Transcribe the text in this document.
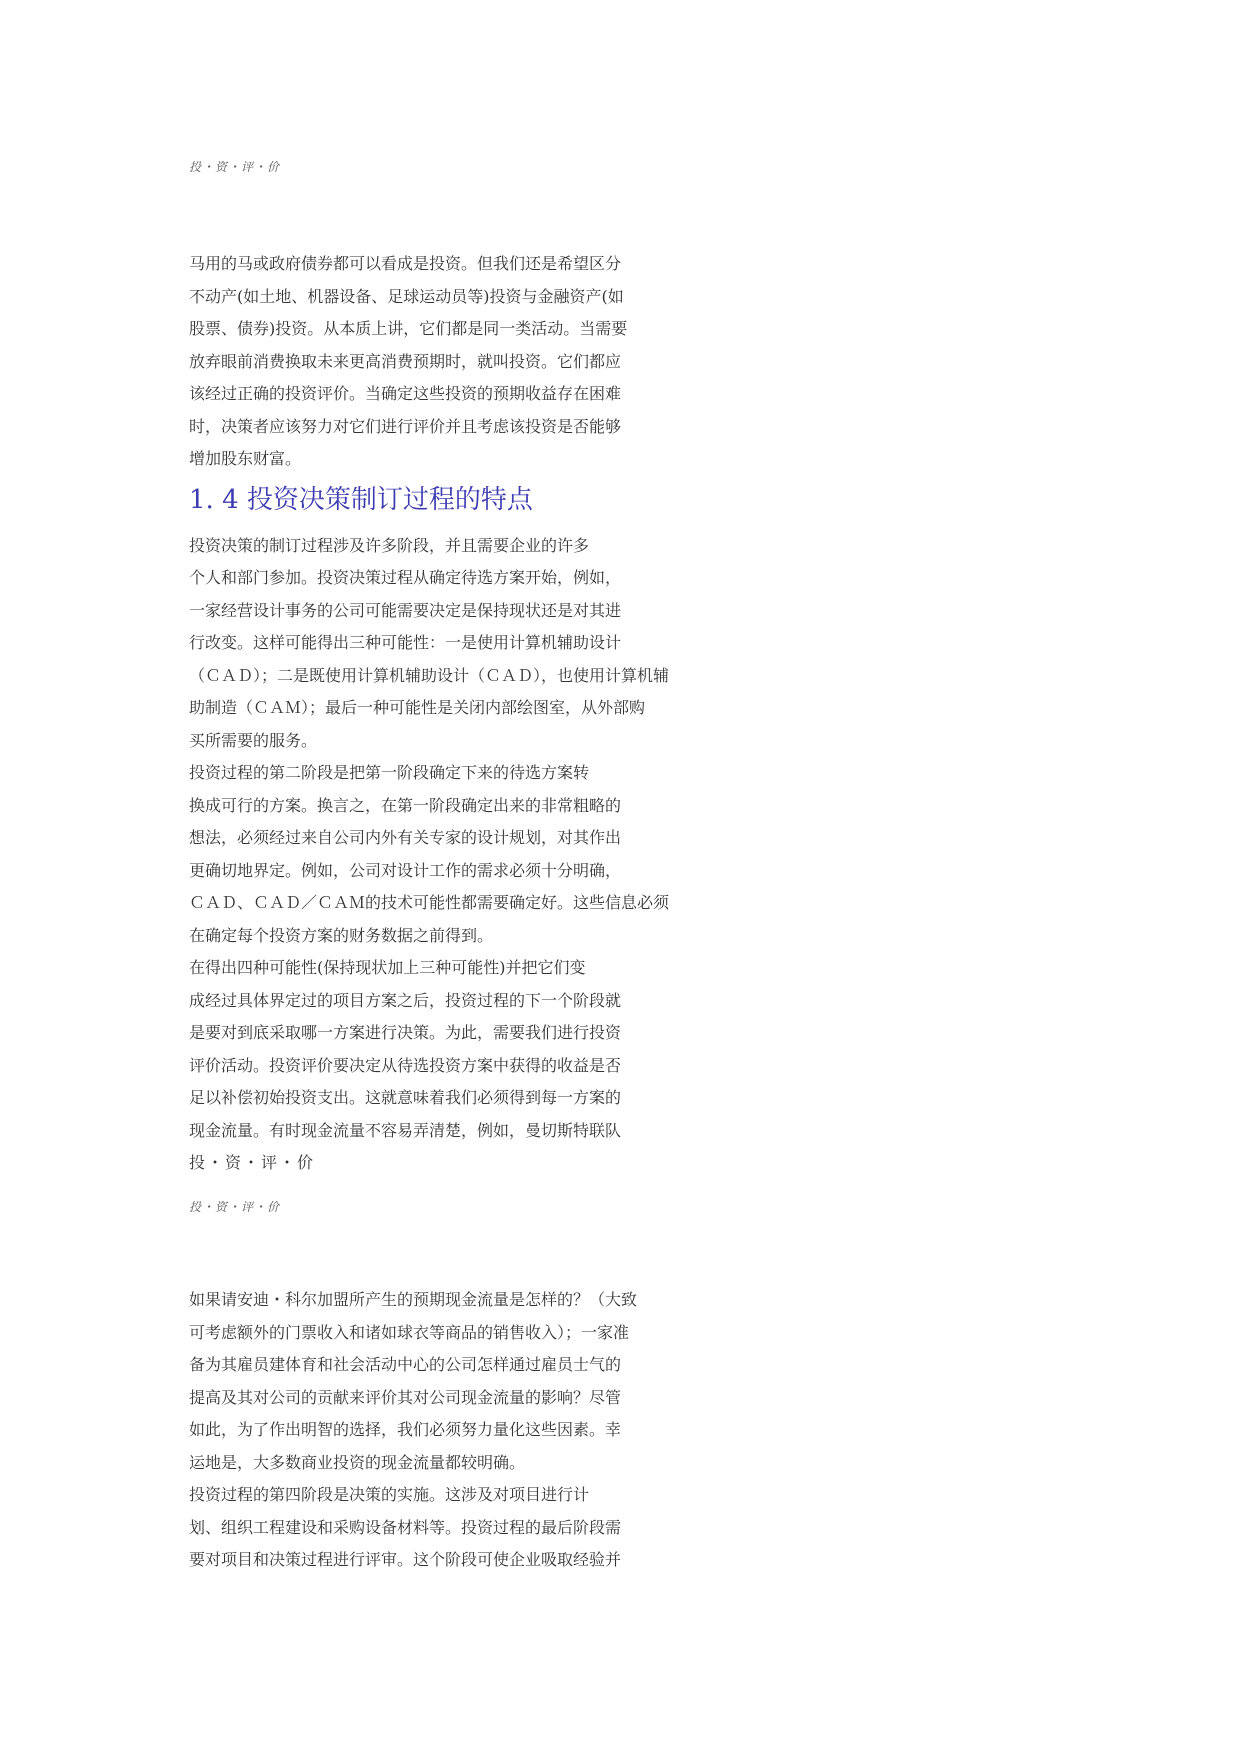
投・资・评・价
马用的马或政府债券都可以看成是投资。但我们还是希望区分
不动产(如土地、机器设备、足球运动员等)投资与金融资产(如
股票、债券)投资。从本质上讲，它们都是同一类活动。当需要
放弃眼前消费换取未来更高消费预期时，就叫投资。它们都应
该经过正确的投资评价。当确定这些投资的预期收益存在困难
时，决策者应该努力对它们进行评价并且考虑该投资是否能够
增加股东财富。
1. 4 投资决策制订过程的特点
投资决策的制订过程涉及许多阶段，并且需要企业的许多
个人和部门参加。投资决策过程从确定待选方案开始，例如，
一家经营设计事务的公司可能需要决定是保持现状还是对其进
行改变。这样可能得出三种可能性：一是使用计算机辅助设计
（ＣＡＤ）；二是既使用计算机辅助设计（ＣＡＤ），也使用计算机辅
助制造（ＣＡＭ）；最后一种可能性是关闭内部绘图室，从外部购
买所需要的服务。
投资过程的第二阶段是把第一阶段确定下来的待选方案转
换成可行的方案。换言之，在第一阶段确定出来的非常粗略的
想法，必须经过来自公司内外有关专家的设计规划，对其作出
更确切地界定。例如，公司对设计工作的需求必须十分明确，
ＣＡＤ、ＣＡＤ／ＣＡＭ的技术可能性都需要确定好。这些信息必须
在确定每个投资方案的财务数据之前得到。
在得出四种可能性(保持现状加上三种可能性)并把它们变
成经过具体界定过的项目方案之后，投资过程的下一个阶段就
是要对到底采取哪一方案进行决策。为此，需要我们进行投资
评价活动。投资评价要决定从待选投资方案中获得的收益是否
足以补偿初始投资支出。这就意味着我们必须得到每一方案的
现金流量。有时现金流量不容易弄清楚，例如，曼切斯特联队
投・资・评・价
投・资・评・价
如果请安迪・科尔加盟所产生的预期现金流量是怎样的？（大致
可考虑额外的门票收入和诸如球衣等商品的销售收入）；一家准
备为其雇员建体育和社会活动中心的公司怎样通过雇员士气的
提高及其对公司的贡献来评价其对公司现金流量的影响？尽管
如此，为了作出明智的选择，我们必须努力量化这些因素。幸
运地是，大多数商业投资的现金流量都较明确。
投资过程的第四阶段是决策的实施。这涉及对项目进行计
划、组织工程建设和采购设备材料等。投资过程的最后阶段需
要对项目和决策过程进行评审。这个阶段可使企业吸取经验并
